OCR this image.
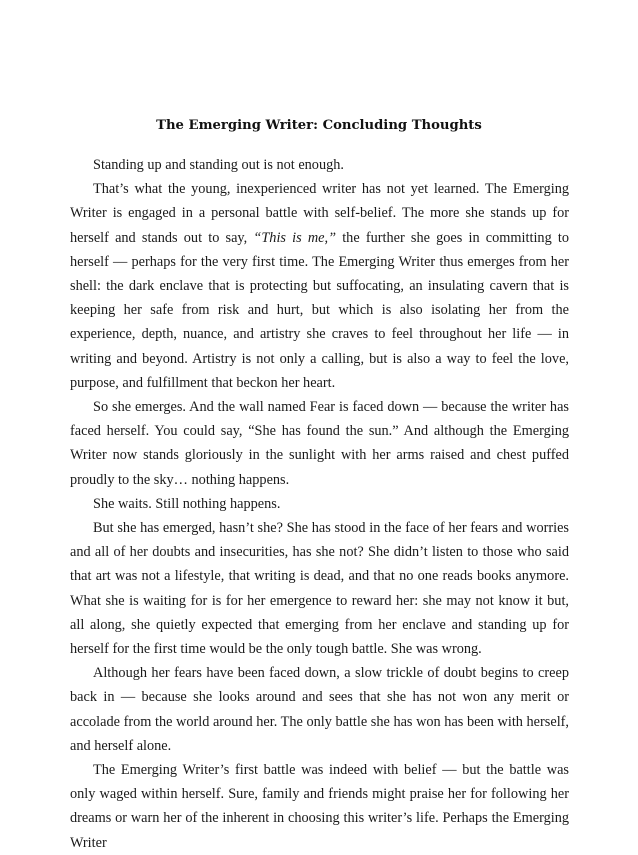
The Emerging Writer: Concluding Thoughts

Standing up and standing out is not enough.

That’s what the young, inexperienced writer has not yet learned. The Emerging Writer is engaged in a personal battle with self-belief. The more she stands up for herself and stands out to say, “This is me,” the further she goes in committing to herself — perhaps for the very first time. The Emerging Writer thus emerges from her shell: the dark enclave that is protecting but suffocating, an insulating cavern that is keeping her safe from risk and hurt, but which is also isolating her from the experience, depth, nuance, and artistry she craves to feel throughout her life — in writing and beyond. Artistry is not only a calling, but is also a way to feel the love, purpose, and fulfillment that beckon her heart.

So she emerges. And the wall named Fear is faced down — because the writer has faced herself. You could say, “She has found the sun.” And although the Emerging Writer now stands gloriously in the sunlight with her arms raised and chest puffed proudly to the sky… nothing happens.

She waits. Still nothing happens.

But she has emerged, hasn’t she? She has stood in the face of her fears and worries and all of her doubts and insecurities, has she not? She didn’t listen to those who said that art was not a lifestyle, that writing is dead, and that no one reads books anymore. What she is waiting for is for her emergence to reward her: she may not know it but, all along, she quietly expected that emerging from her enclave and standing up for herself for the first time would be the only tough battle. She was wrong.

Although her fears have been faced down, a slow trickle of doubt begins to creep back in — because she looks around and sees that she has not won any merit or accolade from the world around her. The only battle she has won has been with herself, and herself alone.

The Emerging Writer’s first battle was indeed with belief — but the battle was only waged within herself. Sure, family and friends might praise her for following her dreams or warn her of the inherent in choosing this writer’s life. Perhaps the Emerging Writer
